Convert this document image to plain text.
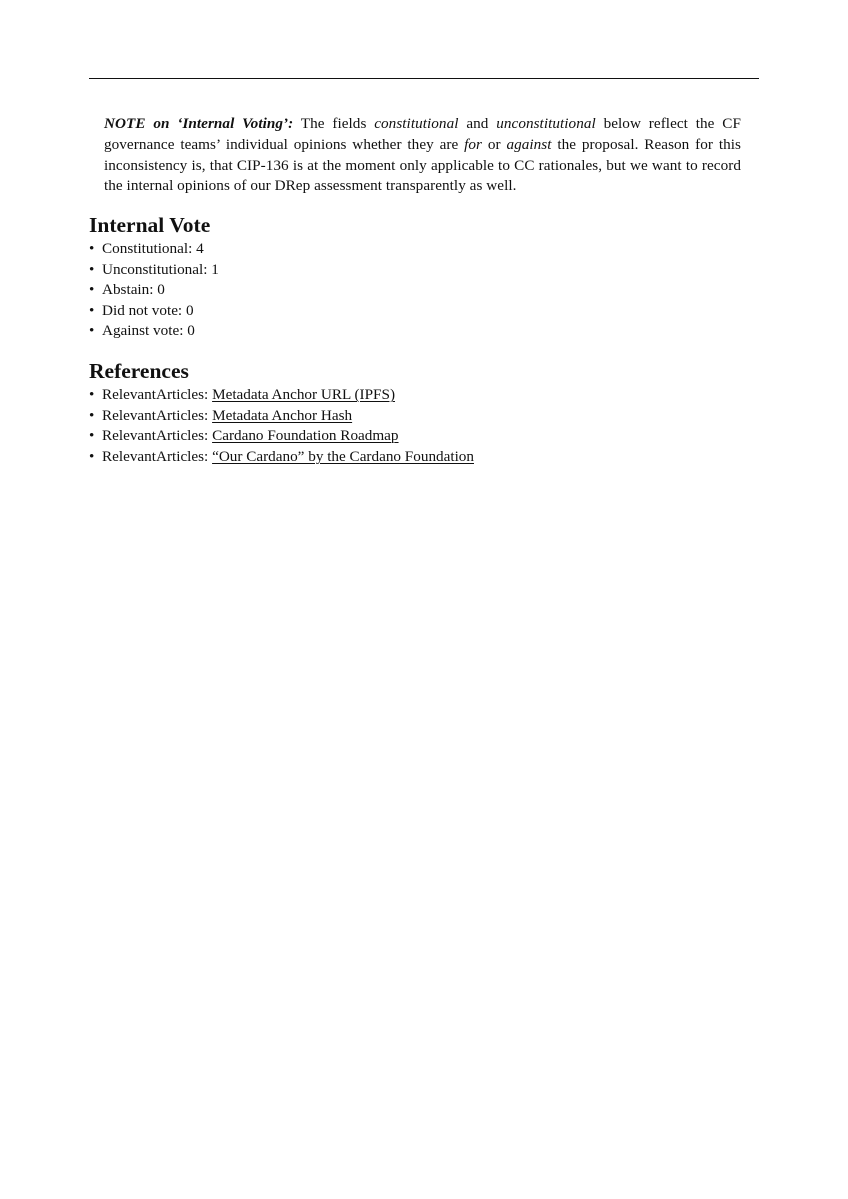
NOTE on ‘Internal Voting’: The fields constitutional and unconstitutional below reflect the CF governance teams’ individual opinions whether they are for or against the proposal. Reason for this inconsistency is, that CIP-136 is at the moment only applicable to CC rationales, but we want to record the internal opinions of our DRep assessment transparently as well.

Internal Vote
• Constitutional: 4
• Unconstitutional: 1
• Abstain: 0
• Did not vote: 0
• Against vote: 0
References
• RelevantArticles: Metadata Anchor URL (IPFS)
• RelevantArticles: Metadata Anchor Hash
• RelevantArticles: Cardano Foundation Roadmap
• RelevantArticles: “Our Cardano” by the Cardano Foundation
